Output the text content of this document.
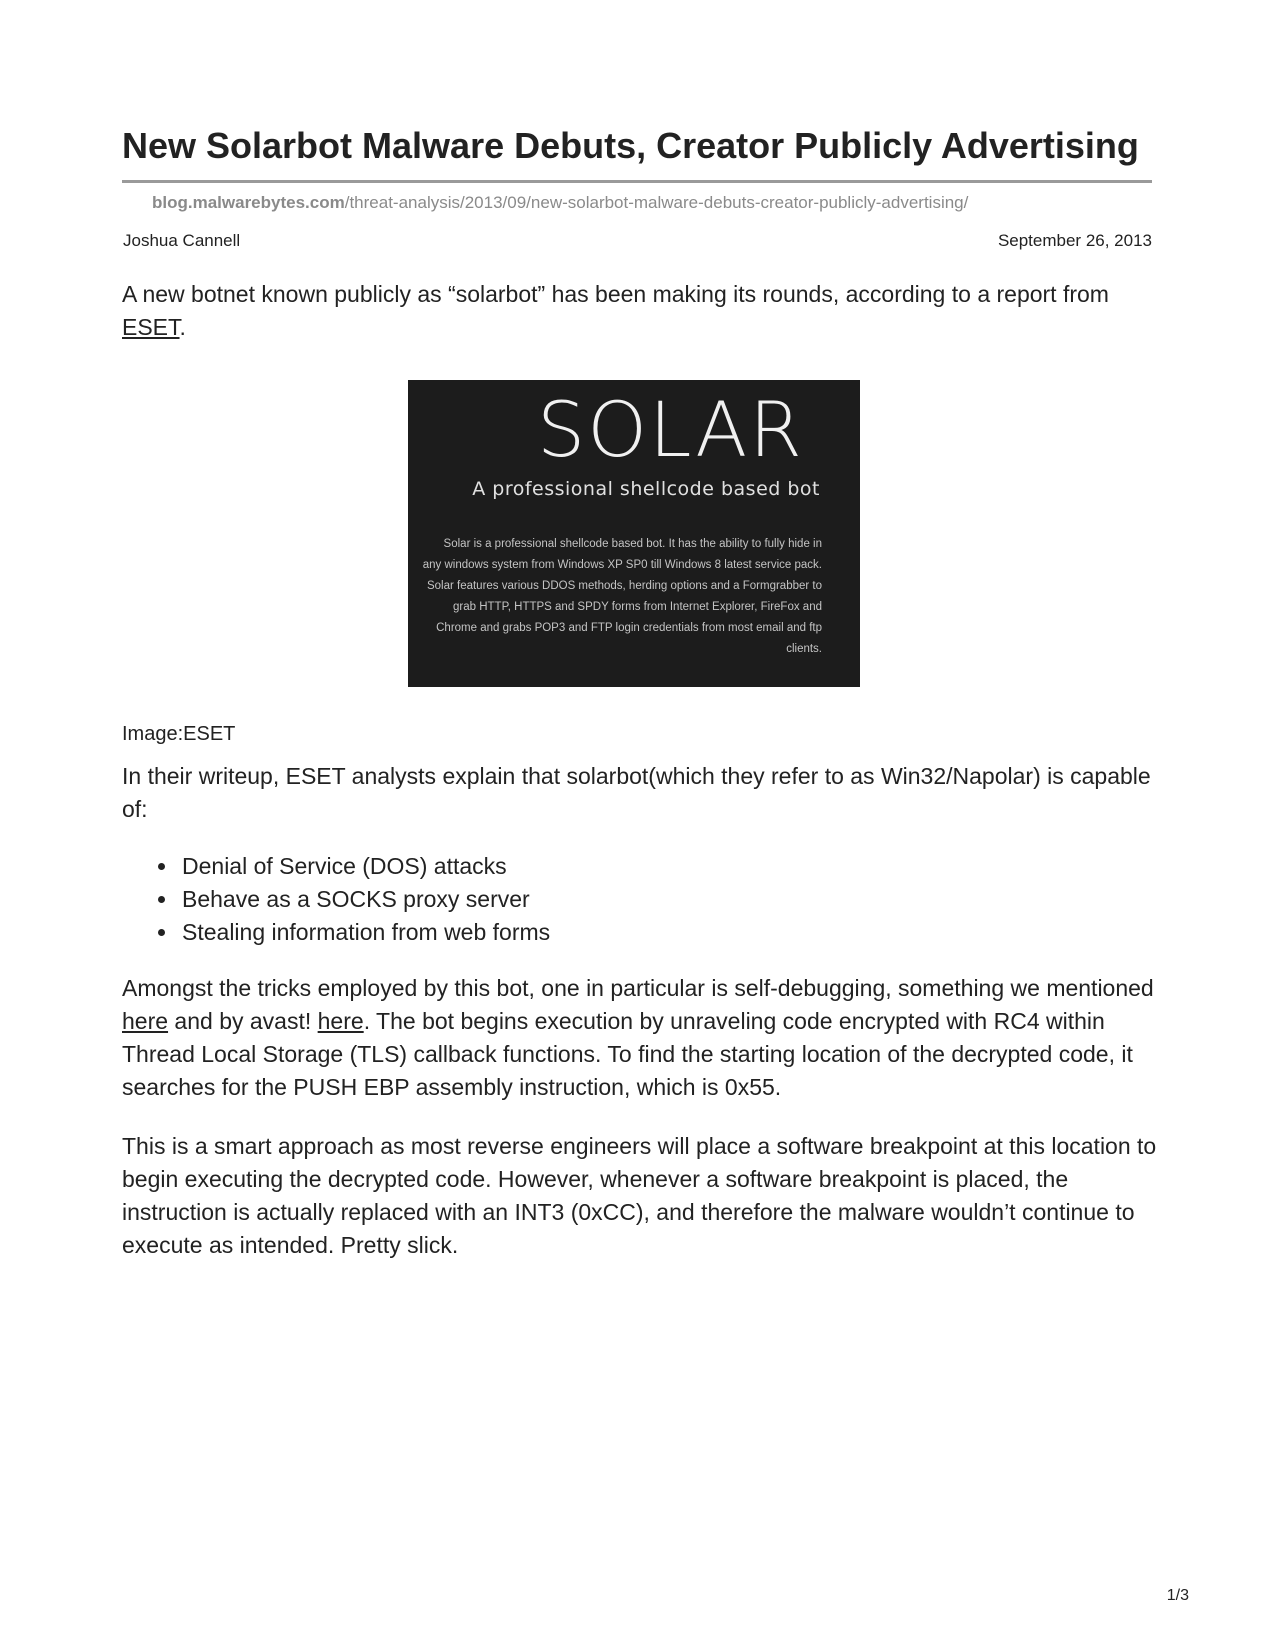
New Solarbot Malware Debuts, Creator Publicly Advertising
blog.malwarebytes.com/threat-analysis/2013/09/new-solarbot-malware-debuts-creator-publicly-advertising/
Joshua Cannell	September 26, 2013

A new botnet known publicly as “solarbot” has been making its rounds, according to a report from ESET.

SOLAR
A professional shellcode based bot
Solar is a professional shellcode based bot. It has the ability to fully hide in any windows system from Windows XP SP0 till Windows 8 latest service pack. Solar features various DDOS methods, herding options and a Formgrabber to grab HTTP, HTTPS and SPDY forms from Internet Explorer, FireFox and Chrome and grabs POP3 and FTP login credentials from most email and ftp clients.
Image:ESET

In their writeup, ESET analysts explain that solarbot(which they refer to as Win32/Napolar) is capable of:

Denial of Service (DOS) attacks
Behave as a SOCKS proxy server
Stealing information from web forms

Amongst the tricks employed by this bot, one in particular is self-debugging, something we mentioned here and by avast! here. The bot begins execution by unraveling code encrypted with RC4 within Thread Local Storage (TLS) callback functions. To find the starting location of the decrypted code, it searches for the PUSH EBP assembly instruction, which is 0x55.

This is a smart approach as most reverse engineers will place a software breakpoint at this location to begin executing the decrypted code. However, whenever a software breakpoint is placed, the instruction is actually replaced with an INT3 (0xCC), and therefore the malware wouldn’t continue to execute as intended. Pretty slick.

1/3
